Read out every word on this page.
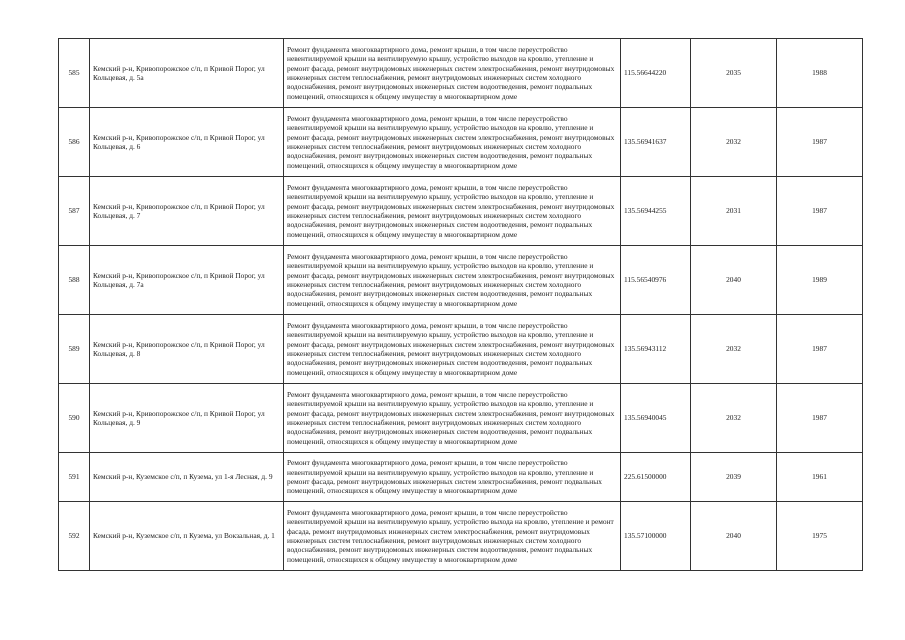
585	Кемский р-н, Кривопорожское с/п, п Кривой Порог, ул Кольцевая, д. 5а	Ремонт фундамента многоквартирного дома, ремонт крыши, в том числе переустройство невентилируемой крыши на вентилируемую крышу, устройство выходов на кровлю, утепление и ремонт фасада, ремонт внутридомовых инженерных систем электроснабжения, ремонт внутридомовых инженерных систем теплоснабжения, ремонт внутридомовых инженерных систем холодного водоснабжения, ремонт внутридомовых инженерных систем водоотведения, ремонт подвальных помещений, относящихся к общему имуществу в многоквартирном доме	115.56644220	2035	1988
586	Кемский р-н, Кривопорожское с/п, п Кривой Порог, ул Кольцевая, д. 6	Ремонт фундамента многоквартирного дома, ремонт крыши, в том числе переустройство невентилируемой крыши на вентилируемую крышу, устройство выходов на кровлю, утепление и ремонт фасада, ремонт внутридомовых инженерных систем электроснабжения, ремонт внутридомовых инженерных систем теплоснабжения, ремонт внутридомовых инженерных систем холодного водоснабжения, ремонт внутридомовых инженерных систем водоотведения, ремонт подвальных помещений, относящихся к общему имуществу в многоквартирном доме	135.56941637	2032	1987
587	Кемский р-н, Кривопорожское с/п, п Кривой Порог, ул Кольцевая, д. 7	Ремонт фундамента многоквартирного дома, ремонт крыши, в том числе переустройство невентилируемой крыши на вентилируемую крышу, устройство выходов на кровлю, утепление и ремонт фасада, ремонт внутридомовых инженерных систем электроснабжения, ремонт внутридомовых инженерных систем теплоснабжения, ремонт внутридомовых инженерных систем холодного водоснабжения, ремонт внутридомовых инженерных систем водоотведения, ремонт подвальных помещений, относящихся к общему имуществу в многоквартирном доме	135.56944255	2031	1987
588	Кемский р-н, Кривопорожское с/п, п Кривой Порог, ул Кольцевая, д. 7а	Ремонт фундамента многоквартирного дома, ремонт крыши, в том числе переустройство невентилируемой крыши на вентилируемую крышу, устройство выходов на кровлю, утепление и ремонт фасада, ремонт внутридомовых инженерных систем электроснабжения, ремонт внутридомовых инженерных систем теплоснабжения, ремонт внутридомовых инженерных систем холодного водоснабжения, ремонт внутридомовых инженерных систем водоотведения, ремонт подвальных помещений, относящихся к общему имуществу в многоквартирном доме	115.56540976	2040	1989
589	Кемский р-н, Кривопорожское с/п, п Кривой Порог, ул Кольцевая, д. 8	Ремонт фундамента многоквартирного дома, ремонт крыши, в том числе переустройство невентилируемой крыши на вентилируемую крышу, устройство выходов на кровлю, утепление и ремонт фасада, ремонт внутридомовых инженерных систем электроснабжения, ремонт внутридомовых инженерных систем теплоснабжения, ремонт внутридомовых инженерных систем холодного водоснабжения, ремонт внутридомовых инженерных систем водоотведения, ремонт подвальных помещений, относящихся к общему имуществу в многоквартирном доме	135.56943112	2032	1987
590	Кемский р-н, Кривопорожское с/п, п Кривой Порог, ул Кольцевая, д. 9	Ремонт фундамента многоквартирного дома, ремонт крыши, в том числе переустройство невентилируемой крыши на вентилируемую крышу, устройство выходов на кровлю, утепление и ремонт фасада, ремонт внутридомовых инженерных систем электроснабжения, ремонт внутридомовых инженерных систем теплоснабжения, ремонт внутридомовых инженерных систем холодного водоснабжения, ремонт внутридомовых инженерных систем водоотведения, ремонт подвальных помещений, относящихся к общему имуществу в многоквартирном доме	135.56940045	2032	1987
591	Кемский р-н, Куземское с/п, п Кузема, ул 1-я Лесная, д. 9	Ремонт фундамента многоквартирного дома, ремонт крыши, в том числе переустройство невентилируемой крыши на вентилируемую крышу, устройство выходов на кровлю, утепление и ремонт фасада, ремонт внутридомовых инженерных систем электроснабжения, ремонт подвальных помещений, относящихся к общему имуществу в многоквартирном доме	225.61500000	2039	1961
592	Кемский р-н, Куземское с/п, п Кузема, ул Вокзальная, д. 1	Ремонт фундамента многоквартирного дома, ремонт крыши, в том числе переустройство невентилируемой крыши на вентилируемую крышу, устройство выхода на кровлю, утепление и ремонт фасада, ремонт внутридомовых инженерных систем электроснабжения, ремонт внутридомовых инженерных систем теплоснабжения, ремонт внутридомовых инженерных систем холодного водоснабжения, ремонт внутридомовых инженерных систем водоотведения, ремонт подвальных помещений, относящихся к общему имуществу в многоквартирном доме	135.57100000	2040	1975
